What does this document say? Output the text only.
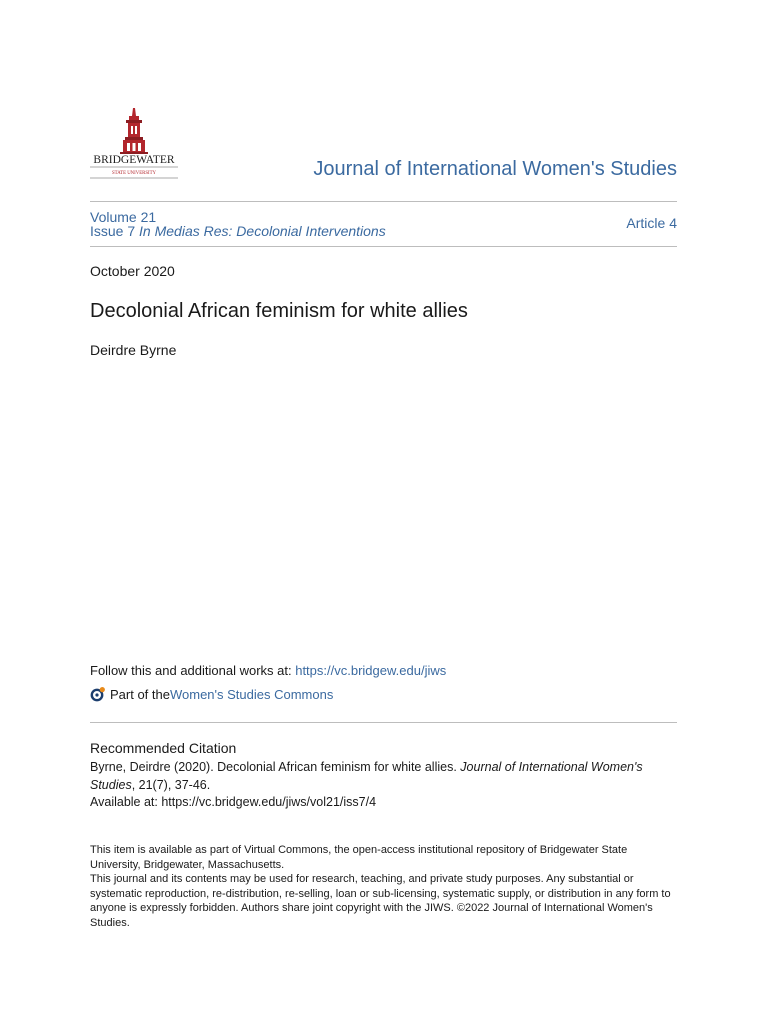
BRIDGEWATER
STATE UNIVERSITY	Journal of International Women's Studies
Volume 21
Issue 7 In Medias Res: Decolonial Interventions	Article 4
October 2020
Decolonial African feminism for white allies
Deirdre Byrne
Follow this and additional works at: https://vc.bridgew.edu/jiws
Part of the Women's Studies Commons
Recommended Citation
Byrne, Deirdre (2020). Decolonial African feminism for white allies. Journal of International Women's Studies, 21(7), 37-46.
Available at: https://vc.bridgew.edu/jiws/vol21/iss7/4

This item is available as part of Virtual Commons, the open-access institutional repository of Bridgewater State University, Bridgewater, Massachusetts.

This journal and its contents may be used for research, teaching, and private study purposes. Any substantial or systematic reproduction, re-distribution, re-selling, loan or sub-licensing, systematic supply, or distribution in any form to anyone is expressly forbidden. Authors share joint copyright with the JIWS. ©2022 Journal of International Women's Studies.
